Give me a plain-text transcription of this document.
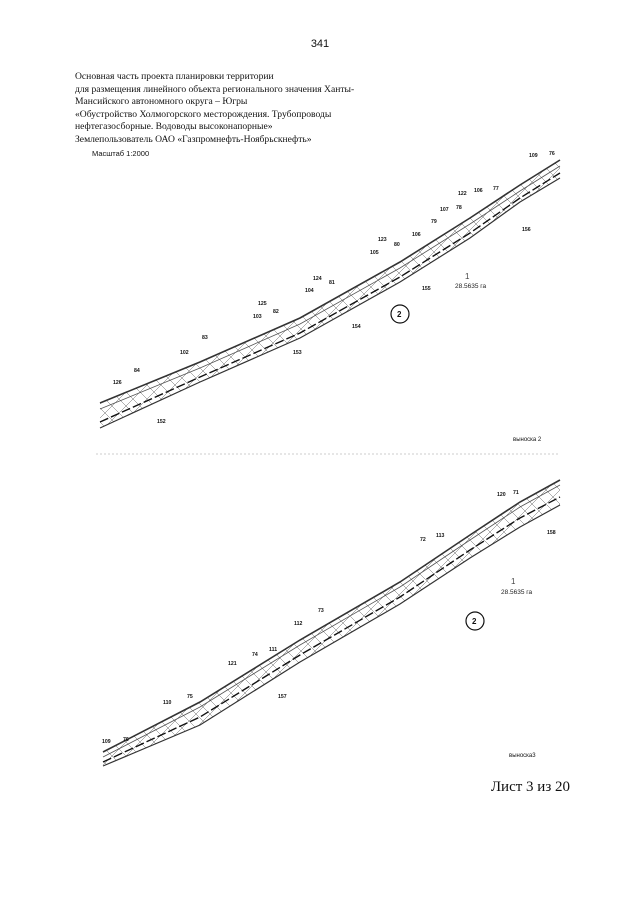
341
Основная часть проекта планировки территории
для размещения линейного объекта регионального значения Ханты-
Мансийского автономного округа – Югры
«Обустройство Холмогорского месторождения. Трубопроводы
нефтегазосборные. Водоводы высоконапорные»
Землепользователь ОАО «Газпромнефть-Ноябрьскнефть»
Масштаб 1:2000	109 76
122 106 77
107 78
79
156
106
123
80
105
124
81
104
1
28.5635 га
155
125
82
103	2
154
83
102	153
84
126
152
выноска 2
120 71
158
72
113
1
28.5635 га
73
112	2
121
74
111
110
75	157
109 76
выноска3
Лист 3 из 20
